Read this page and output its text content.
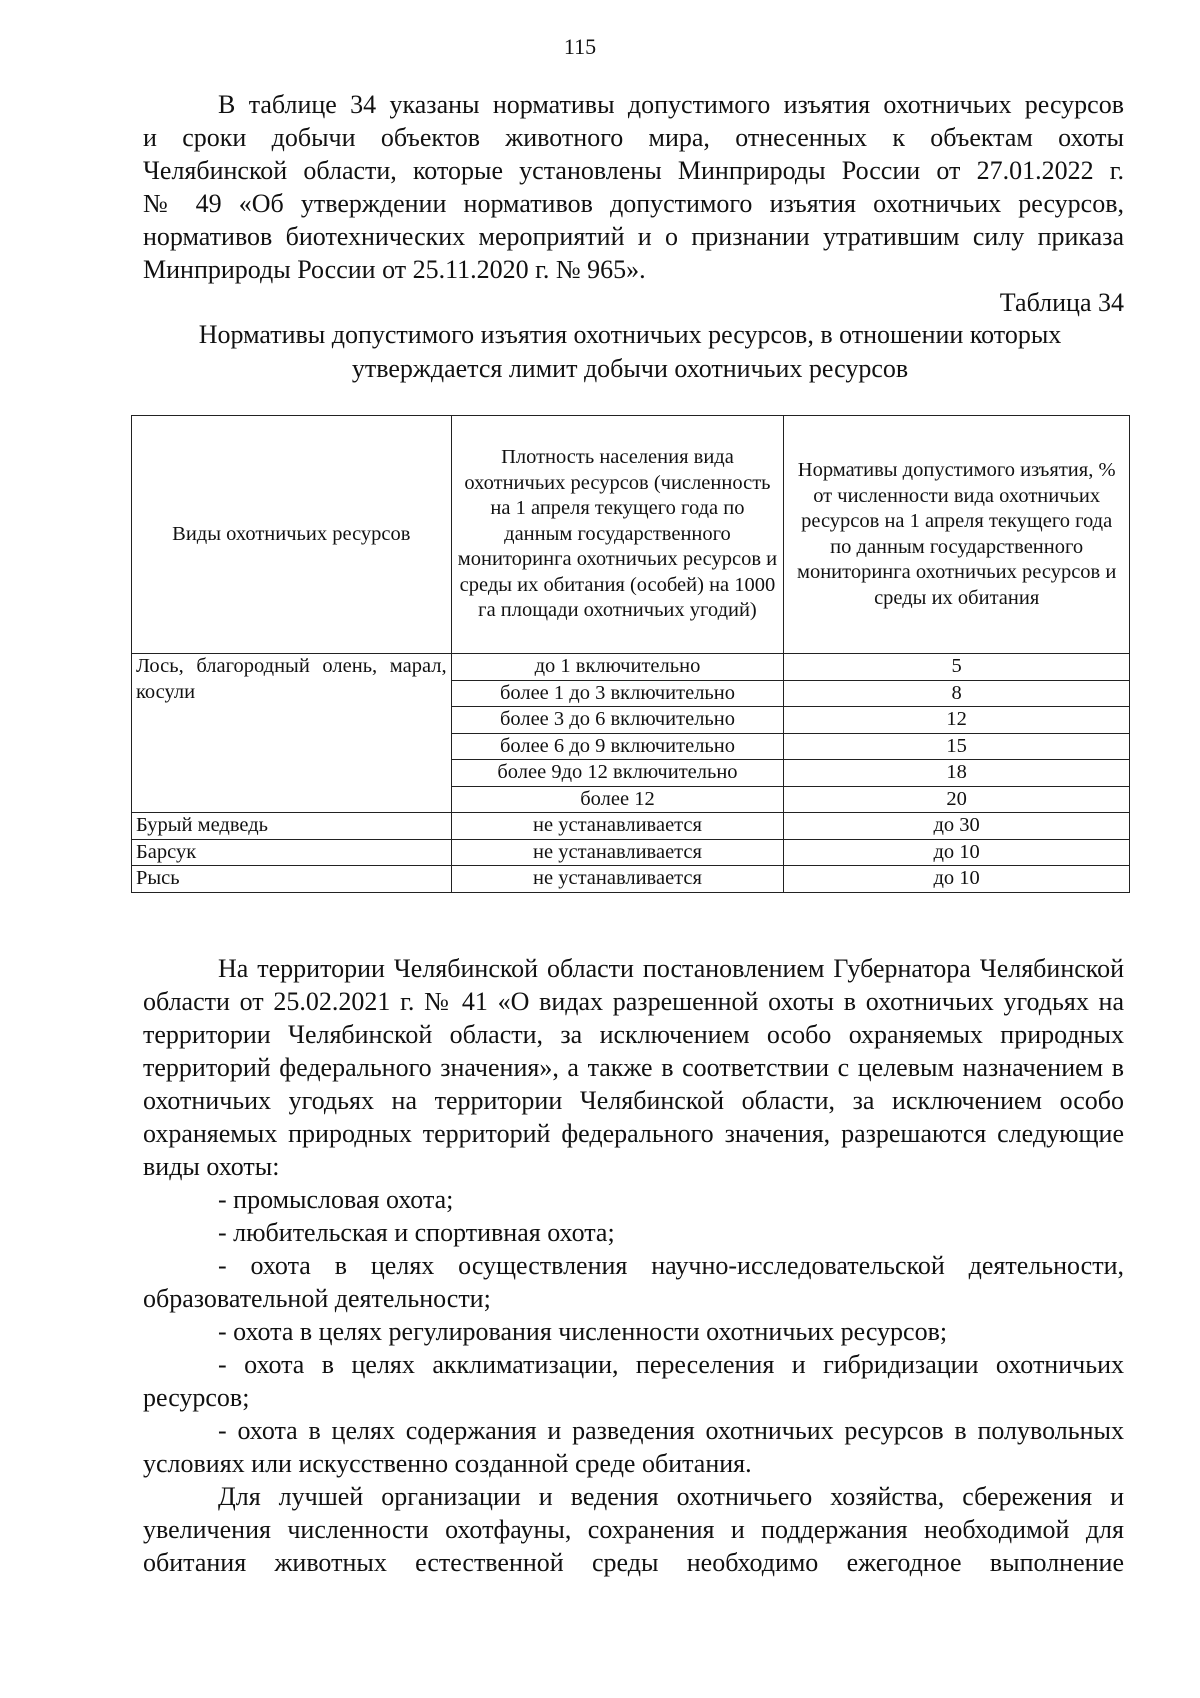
115

В таблице 34 указаны нормативы допустимого изъятия охотничьих ресурсов

и сроки добычи объектов животного мира, отнесенных к объектам охоты

Челябинской области, которые установлены Минприроды России от 27.01.2022 г.

№ 49 «Об утверждении нормативов допустимого изъятия охотничьих ресурсов,

нормативов биотехнических мероприятий и о признании утратившим силу приказа

Минприроды России от 25.11.2020 г. № 965».

Таблица 34
Нормативы допустимого изъятия охотничьих ресурсов, в отношении которых
утверждается лимит добычи охотничьих ресурсов
Виды охотничьих ресурсов	Плотность населения вида охотничьих ресурсов (численность на 1 апреля текущего года по данным государственного мониторинга охотничьих ресурсов и среды их обитания (особей) на 1000 га площади охотничьих угодий)	Нормативы допустимого изъятия, % от численности вида охотничьих ресурсов на 1 апреля текущего года по данным государственного мониторинга охотничьих ресурсов и среды их обитания

Лось, благородный олень, марал, косули	до 1 включительно	5
	более 1 до 3 включительно	8
	более 3 до 6 включительно	12
	более 6 до 9 включительно	15
	более 9до 12 включительно	18
	более 12	20
Бурый медведь	не устанавливается	до 30
Барсук	не устанавливается	до 10
Рысь	не устанавливается	до 10

На территории Челябинской области постановлением Губернатора Челябинской области от 25.02.2021 г. № 41 «О видах разрешенной охоты в охотничьих угодьях на территории Челябинской области, за исключением особо охраняемых природных территорий федерального значения», а также в соответствии с целевым назначением в охотничьих угодьях на территории Челябинской области, за исключением особо охраняемых природных территорий федерального значения, разрешаются следующие виды охоты:

- промысловая охота;

- любительская и спортивная охота;

- охота в целях осуществления научно-исследовательской деятельности, образовательной деятельности;

- охота в целях регулирования численности охотничьих ресурсов;

- охота в целях акклиматизации, переселения и гибридизации охотничьих ресурсов;

- охота в целях содержания и разведения охотничьих ресурсов в полувольных условиях или искусственно созданной среде обитания.

Для лучшей организации и ведения охотничьего хозяйства, сбережения и увеличения численности охотфауны, сохранения и поддержания необходимой для обитания животных естественной среды необходимо ежегодное выполнение
